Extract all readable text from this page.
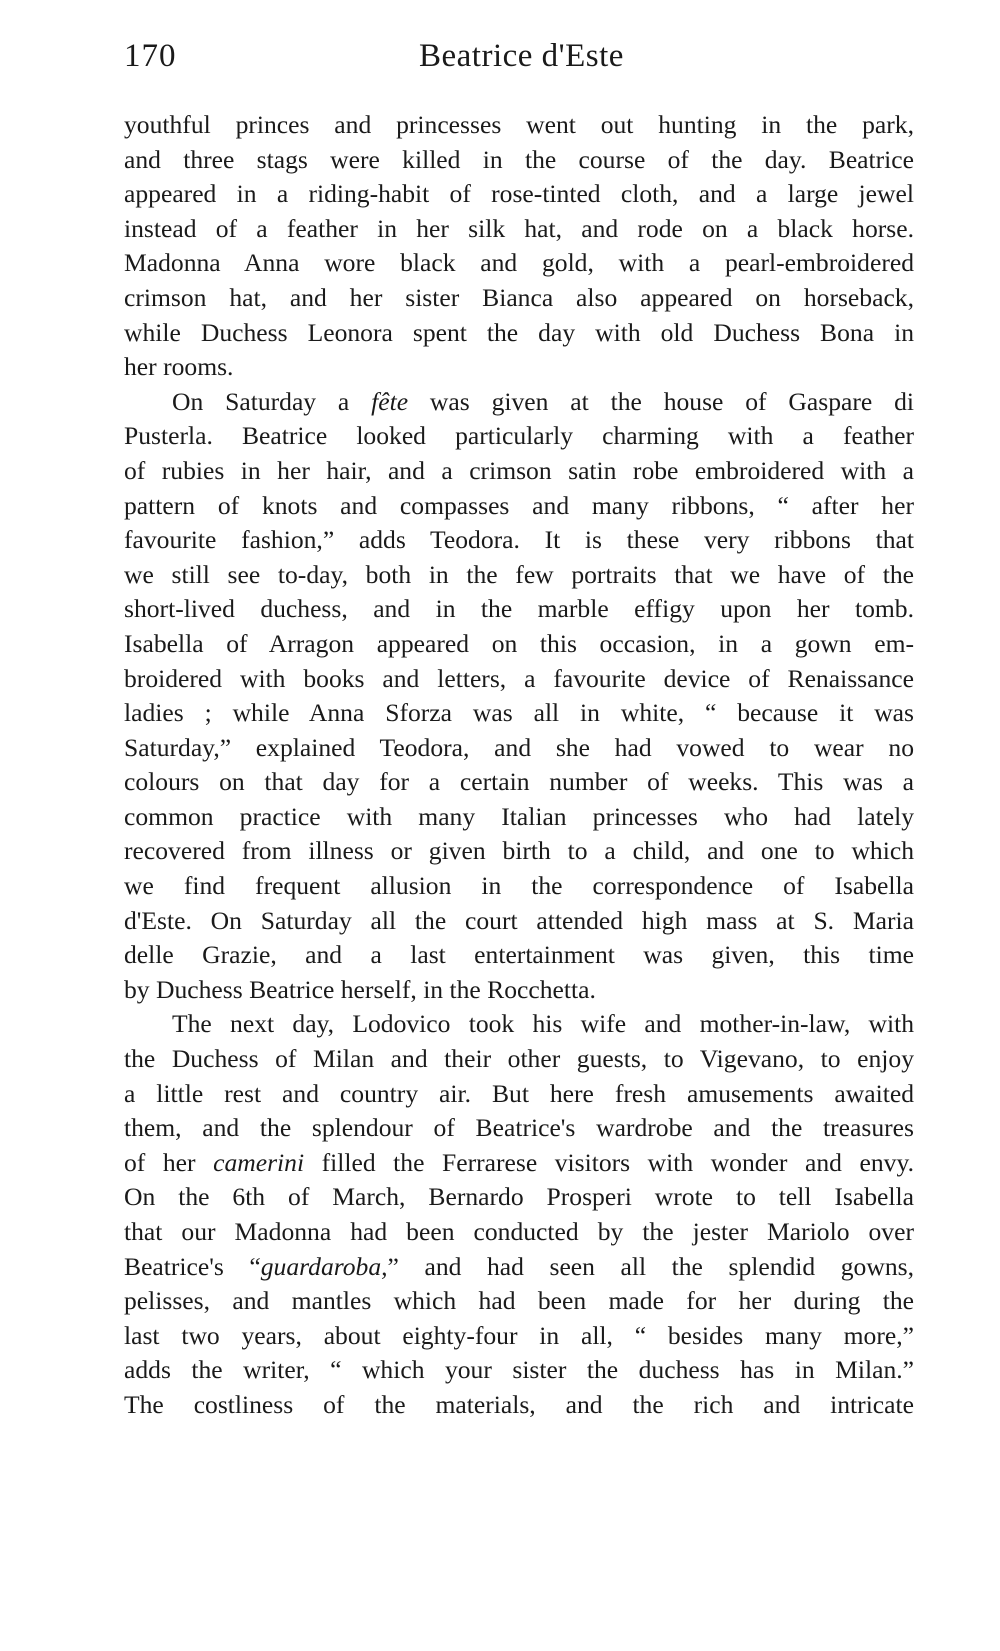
170	Beatrice d'Este
youthful princes and princesses went out hunting in the park,
and three stags were killed in the course of the day. Beatrice
appeared in a riding-habit of rose-tinted cloth, and a large jewel
instead of a feather in her silk hat, and rode on a black horse.
Madonna Anna wore black and gold, with a pearl-embroidered
crimson hat, and her sister Bianca also appeared on horseback,
while Duchess Leonora spent the day with old Duchess Bona in
her rooms.
On Saturday a fête was given at the house of Gaspare di
Pusterla. Beatrice looked particularly charming with a feather
of rubies in her hair, and a crimson satin robe embroidered with a
pattern of knots and compasses and many ribbons, “ after her
favourite fashion,” adds Teodora. It is these very ribbons that
we still see to-day, both in the few portraits that we have of the
short-lived duchess, and in the marble effigy upon her tomb.
Isabella of Arragon appeared on this occasion, in a gown em-
broidered with books and letters, a favourite device of Renaissance
ladies ; while Anna Sforza was all in white, “ because it was
Saturday,” explained Teodora, and she had vowed to wear no
colours on that day for a certain number of weeks. This was a
common practice with many Italian princesses who had lately
recovered from illness or given birth to a child, and one to which
we find frequent allusion in the correspondence of Isabella
d'Este. On Saturday all the court attended high mass at S. Maria
delle Grazie, and a last entertainment was given, this time
by Duchess Beatrice herself, in the Rocchetta.
The next day, Lodovico took his wife and mother-in-law, with
the Duchess of Milan and their other guests, to Vigevano, to enjoy
a little rest and country air. But here fresh amusements awaited
them, and the splendour of Beatrice's wardrobe and the treasures
of her camerini filled the Ferrarese visitors with wonder and envy.
On the 6th of March, Bernardo Prosperi wrote to tell Isabella
that our Madonna had been conducted by the jester Mariolo over
Beatrice's “guardaroba,” and had seen all the splendid gowns,
pelisses, and mantles which had been made for her during the
last two years, about eighty-four in all, “ besides many more,”
adds the writer, “ which your sister the duchess has in Milan.”
The costliness of the materials, and the rich and intricate
